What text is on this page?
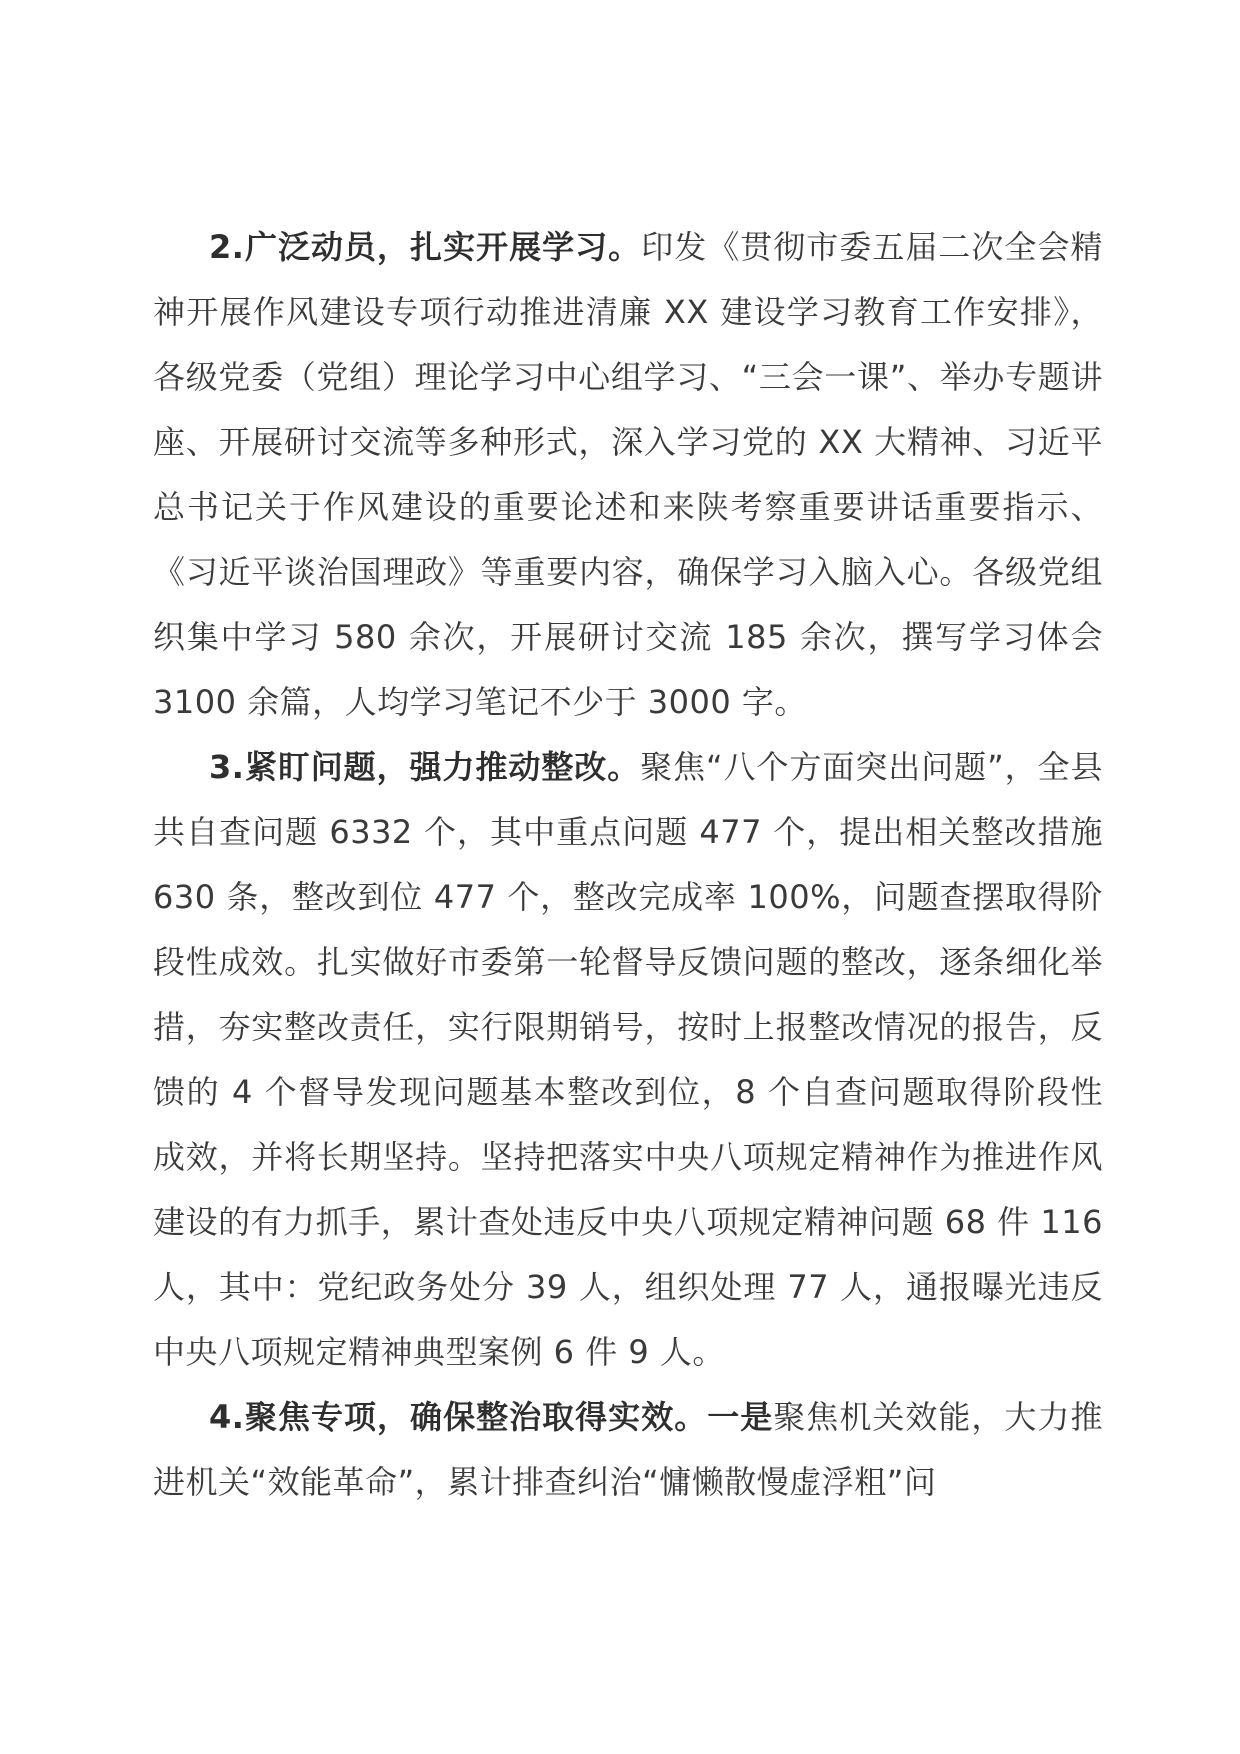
2.广泛动员，扎实开展学习。印发《贯彻市委五届二次全会精神开展作风建设专项行动推进清廉 XX 建设学习教育工作安排》，各级党委（党组）理论学习中心组学习、“三会一课”、举办专题讲座、开展研讨交流等多种形式，深入学习党的 XX 大精神、习近平总书记关于作风建设的重要论述和来陕考察重要讲话重要指示、《习近平谈治国理政》等重要内容，确保学习入脑入心。各级党组织集中学习 580 余次，开展研讨交流 185 余次，撰写学习体会 3100 余篇，人均学习笔记不少于 3000 字。

3.紧盯问题，强力推动整改。聚焦“八个方面突出问题”，全县共自查问题 6332 个，其中重点问题 477 个，提出相关整改措施 630 条，整改到位 477 个，整改完成率 100%，问题查摆取得阶段性成效。扎实做好市委第一轮督导反馈问题的整改，逐条细化举措，夯实整改责任，实行限期销号，按时上报整改情况的报告，反馈的 4 个督导发现问题基本整改到位，8 个自查问题取得阶段性成效，并将长期坚持。坚持把落实中央八项规定精神作为推进作风建设的有力抓手，累计查处违反中央八项规定精神问题 68 件 116 人，其中：党纪政务处分 39 人，组织处理 77 人，通报曝光违反中央八项规定精神典型案例 6 件 9 人。

4.聚焦专项，确保整治取得实效。一是聚焦机关效能，大力推进机关“效能革命”，累计排查纠治“慵懒散慢虚浮粗”问
